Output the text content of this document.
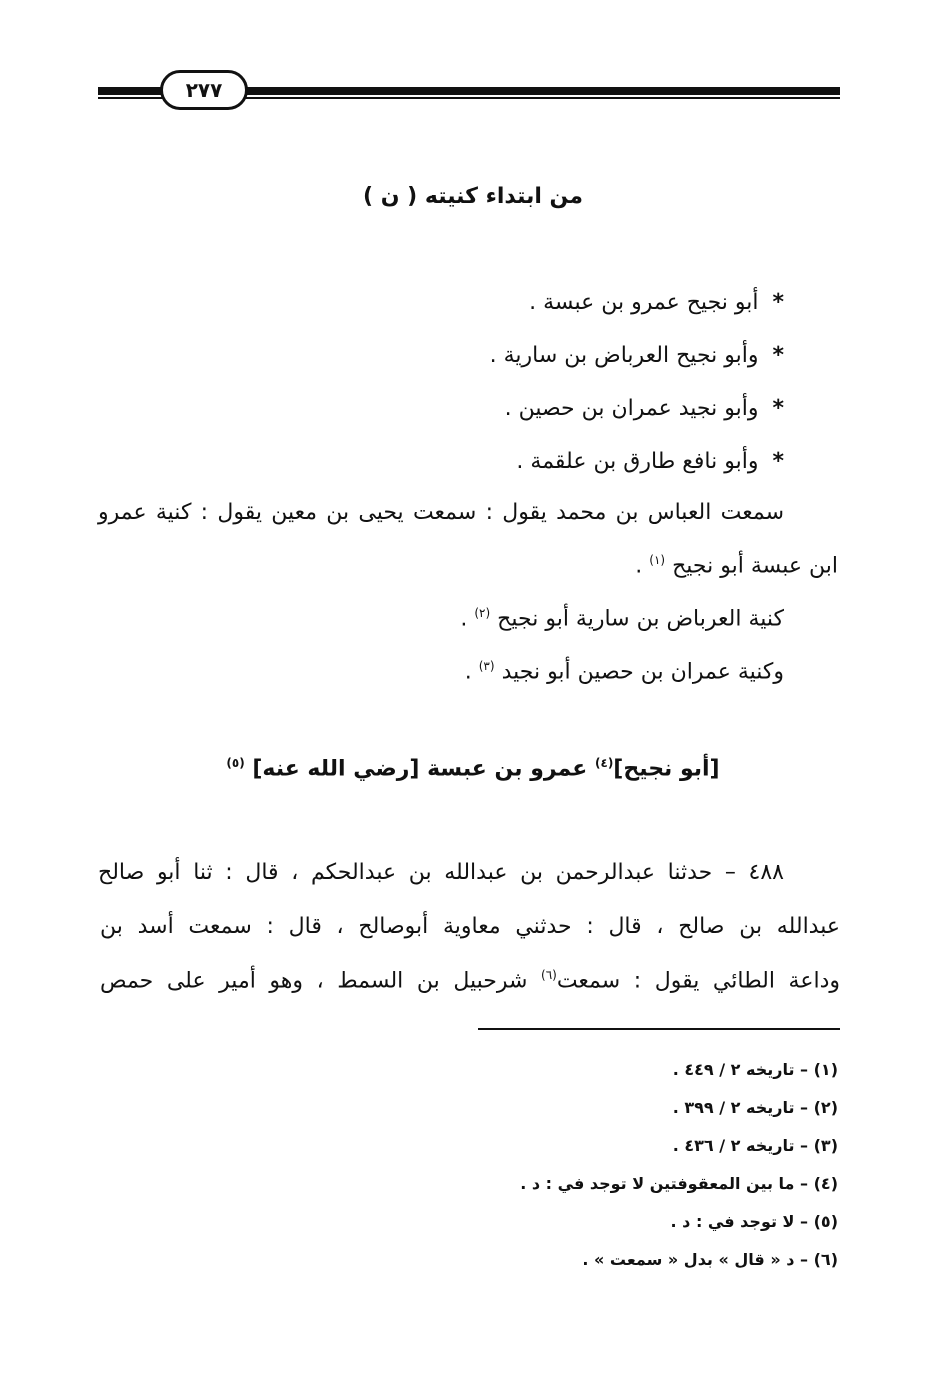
٢٧٧
من ابتداء كنيته ( ن )
*أبو نجيح عمرو بن عبسة .
*وأبو نجيح العرباض بن سارية .
*وأبو نجيد عمران بن حصين .
*وأبو نافع طارق بن علقمة .
سمعت العباس بن محمد يقول : سمعت يحيى بن معين يقول : كنية عمرو
ابن عبسة أبو نجيح $^{(١)}$ .
كنية العرباض بن سارية أبو نجيح $^{(٢)}$ .
وكنية عمران بن حصين أبو نجيد $^{(٣)}$ .
[أبو نجيح]$^{(٤)}$ عمرو بن عبسة [رضي الله عنه] $^{(٥)}$
٤٨٨ – حدثنا عبدالرحمن بن عبدالله بن عبدالحكم ، قال : ثنا أبو صالح
عبدالله بن صالح ، قال : حدثني معاوية أبوصالح ، قال : سمعت أسد بن
وداعة الطائي يقول : سمعت$^{(٦)}$ شرحبيل بن السمط ، وهو أمير على حمص
(١) – تاريخه ٢ / ٤٤٩ .
(٢) – تاريخه ٢ / ٣٩٩ .
(٣) – تاريخه ٢ / ٤٣٦ .
(٤) – ما بين المعقوفتين لا توجد في : د .
(٥) – لا توجد في : د .
(٦) – د « قال » بدل « سمعت » .
